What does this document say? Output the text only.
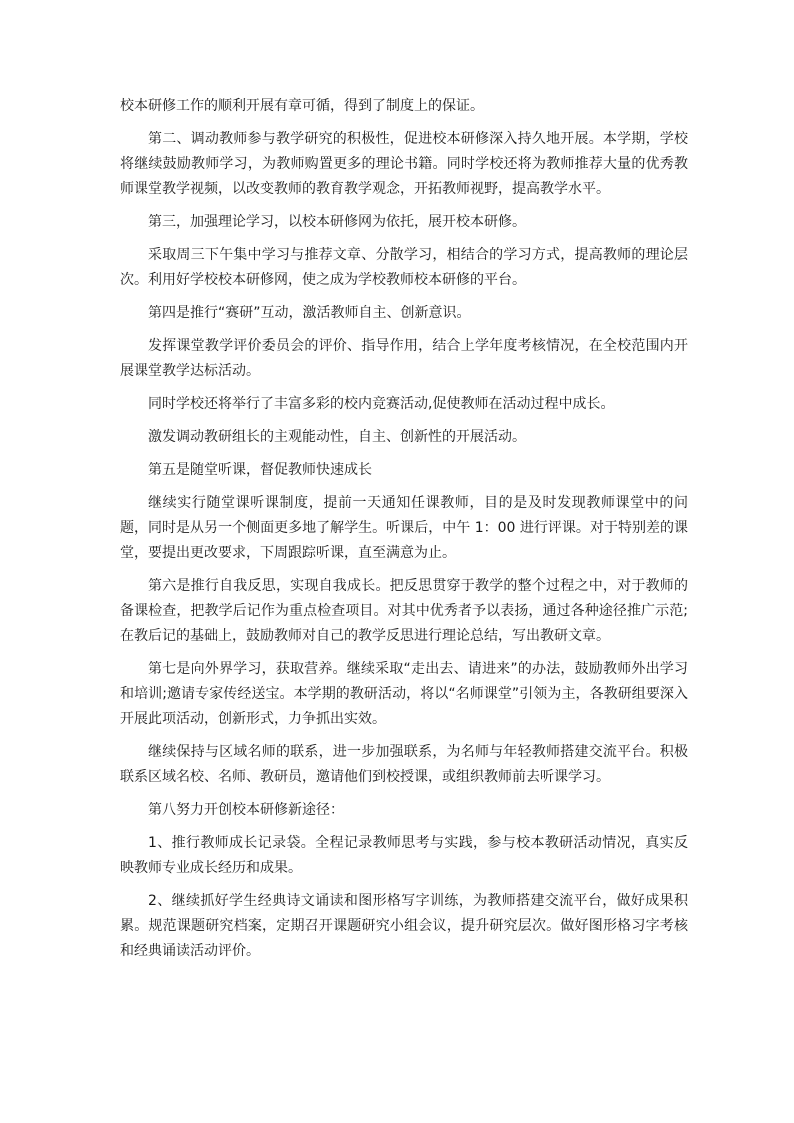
校本研修工作的顺利开展有章可循，得到了制度上的保证。

第二、调动教师参与教学研究的积极性，促进校本研修深入持久地开展。本学期，学校将继续鼓励教师学习，为教师购置更多的理论书籍。同时学校还将为教师推荐大量的优秀教师课堂教学视频，以改变教师的教育教学观念，开拓教师视野，提高教学水平。

第三，加强理论学习，以校本研修网为依托，展开校本研修。

采取周三下午集中学习与推荐文章、分散学习，相结合的学习方式，提高教师的理论层次。利用好学校校本研修网，使之成为学校教师校本研修的平台。

第四是推行“赛研”互动，激活教师自主、创新意识。

发挥课堂教学评价委员会的评价、指导作用，结合上学年度考核情况，在全校范围内开展课堂教学达标活动。

同时学校还将举行了丰富多彩的校内竞赛活动,促使教师在活动过程中成长。

激发调动教研组长的主观能动性，自主、创新性的开展活动。

第五是随堂听课，督促教师快速成长

继续实行随堂课听课制度，提前一天通知任课教师，目的是及时发现教师课堂中的问题，同时是从另一个侧面更多地了解学生。听课后，中午 1：00 进行评课。对于特别差的课堂，要提出更改要求，下周跟踪听课，直至满意为止。

第六是推行自我反思，实现自我成长。把反思贯穿于教学的整个过程之中，对于教师的备课检查，把教学后记作为重点检查项目。对其中优秀者予以表扬，通过各种途径推广示范;在教后记的基础上，鼓励教师对自己的教学反思进行理论总结，写出教研文章。

第七是向外界学习，获取营养。继续采取“走出去、请进来”的办法，鼓励教师外出学习和培训;邀请专家传经送宝。本学期的教研活动，将以“名师课堂”引领为主，各教研组要深入开展此项活动，创新形式，力争抓出实效。

继续保持与区域名师的联系，进一步加强联系，为名师与年轻教师搭建交流平台。积极联系区域名校、名师、教研员，邀请他们到校授课，或组织教师前去听课学习。

第八努力开创校本研修新途径：

1、推行教师成长记录袋。全程记录教师思考与实践，参与校本教研活动情况，真实反映教师专业成长经历和成果。

2、继续抓好学生经典诗文诵读和图形格写字训练，为教师搭建交流平台，做好成果积累。规范课题研究档案，定期召开课题研究小组会议，提升研究层次。做好图形格习字考核和经典诵读活动评价。
